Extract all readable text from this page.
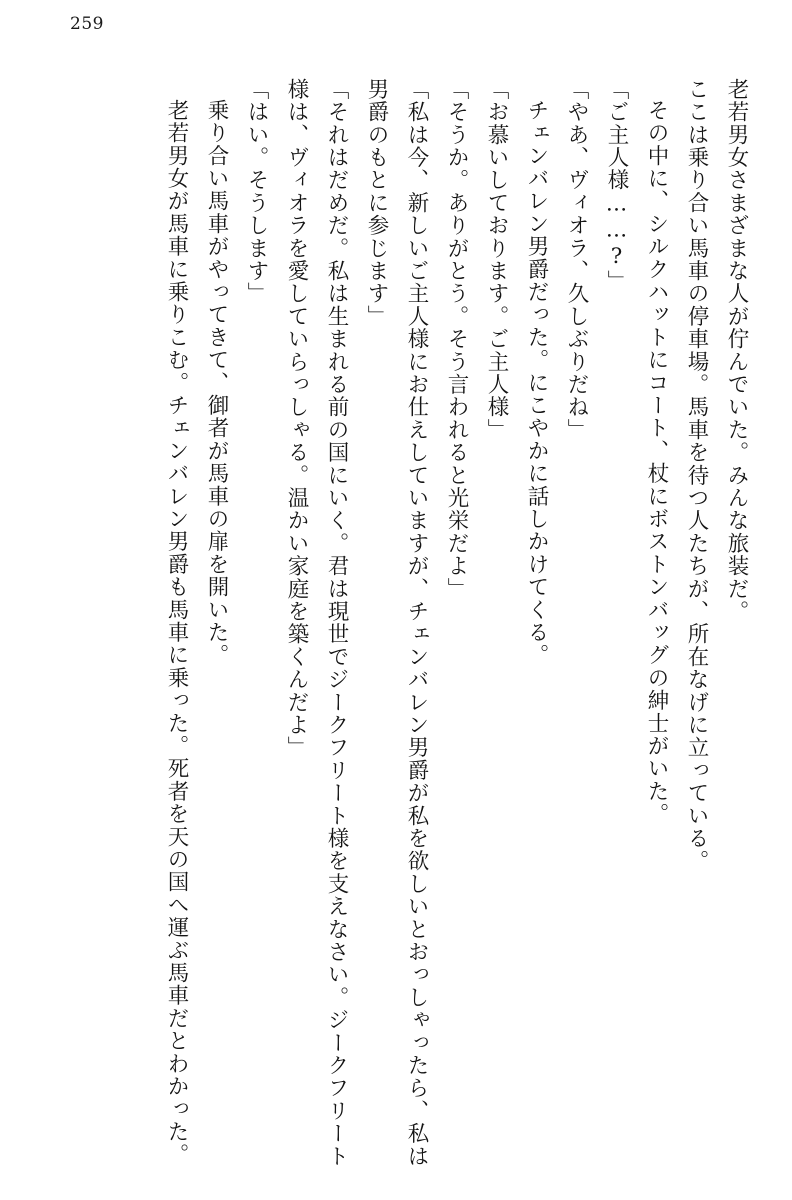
259
老若男女さまざまな人が佇んでいた。みんな旅装だ。
ここは乗り合い馬車の停車場。馬車を待つ人たちが、所在なげに立っている。
その中に、シルクハットにコート、杖にボストンバッグの紳士がいた。
「ご主人様……?」
「やあ、ヴィオラ、久しぶりだね」
チェンバレン男爵だった。にこやかに話しかけてくる。
「お慕いしております。ご主人様」
「そうか。ありがとう。そう言われると光栄だよ」
「私は今、新しいご主人様にお仕えしていますが、チェンバレン男爵が私を欲しいとおっしゃったら、私は男爵のもとに参じます」
「それはだめだ。私は生まれる前の国にいく。君は現世でジークフリート様を支えなさい。ジークフリート様は、ヴィオラを愛していらっしゃる。温かい家庭を築くんだよ」
「はい。そうします」
乗り合い馬車がやってきて、御者が馬車の扉を開いた。
老若男女が馬車に乗りこむ。チェンバレン男爵も馬車に乗った。死者を天の国へ運ぶ馬車だとわかった。
